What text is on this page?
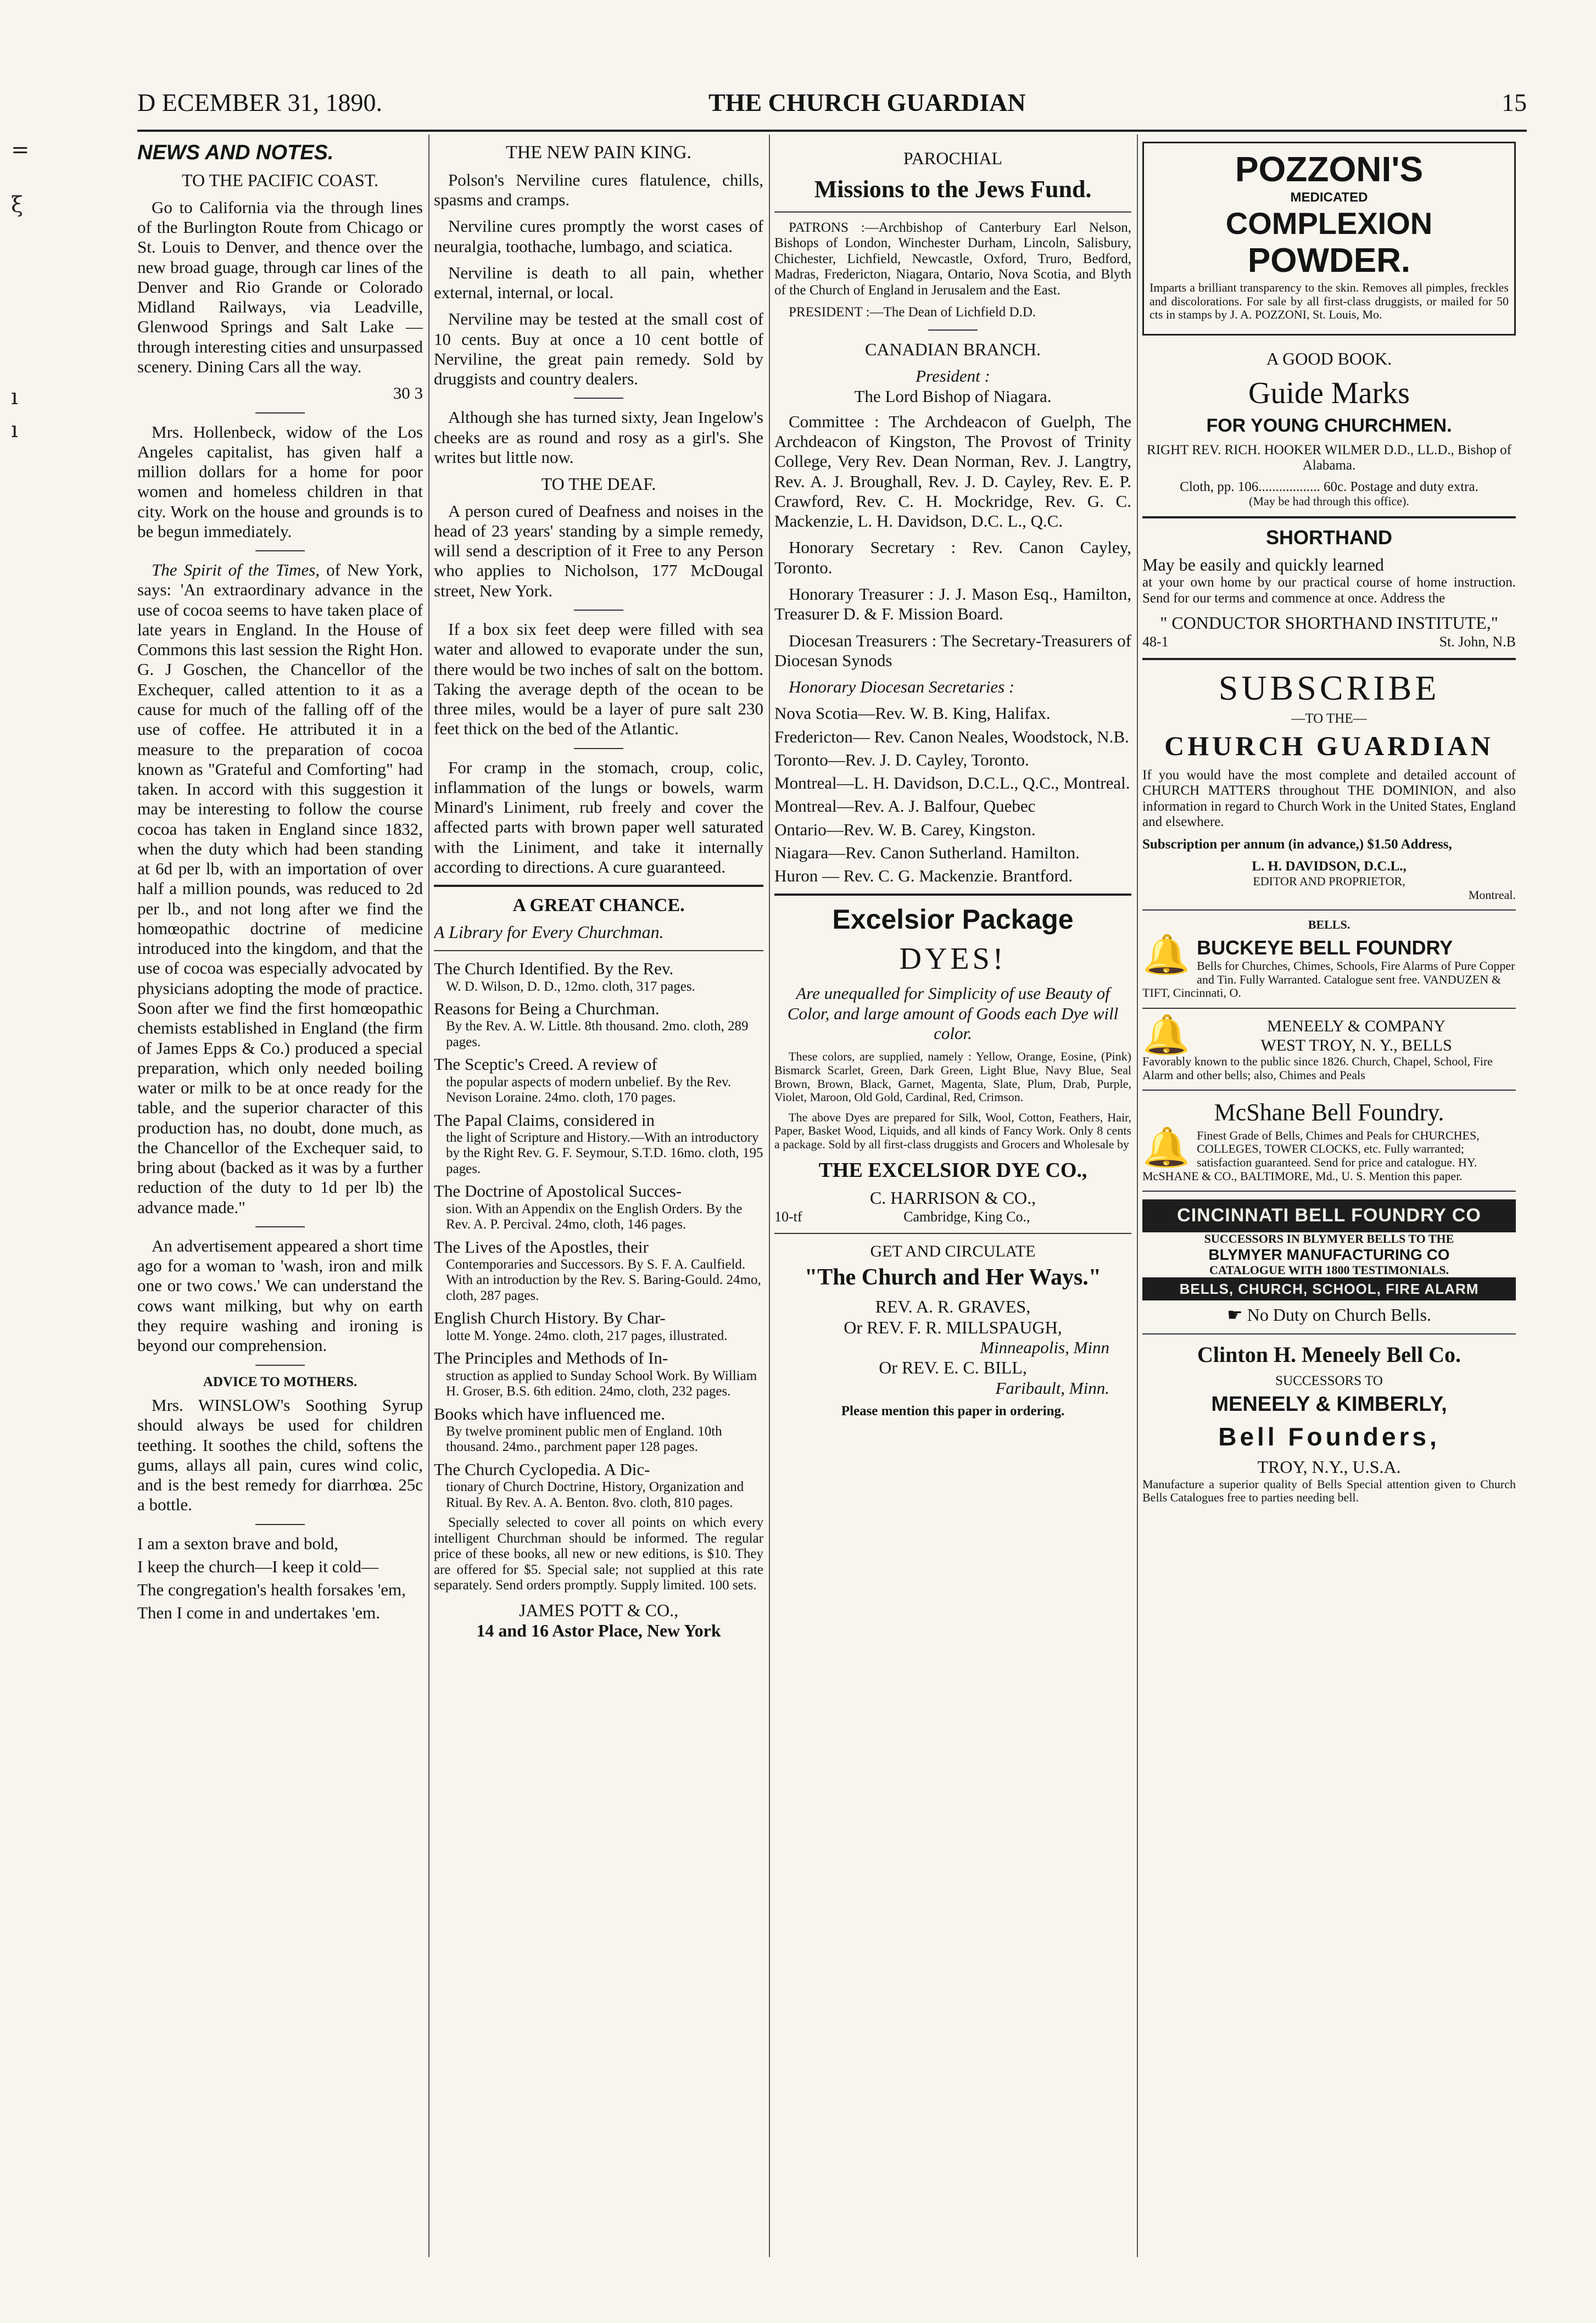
=
ξ
ı
ı
D ECEMBER 31, 1890.	THE CHURCH GUARDIAN	15
NEWS AND NOTES.
TO THE PACIFIC COAST.

Go to California via the through lines of the Burlington Route from Chicago or St. Louis to Denver, and thence over the new broad guage, through car lines of the Denver and Rio Grande or Colorado Midland Railways, via Leadville, Glenwood Springs and Salt Lake —through interesting cities and unsurpassed scenery. Dining Cars all the way.

30 3

Mrs. Hollenbeck, widow of the Los Angeles capitalist, has given half a million dollars for a home for poor women and homeless children in that city. Work on the house and grounds is to be begun immediately.

The Spirit of the Times, of New York, says: 'An extraordinary advance in the use of cocoa seems to have taken place of late years in England. In the House of Commons this last session the Right Hon. G. J Goschen, the Chancellor of the Exchequer, called attention to it as a cause for much of the falling off of the use of coffee. He attributed it in a measure to the preparation of cocoa known as "Grateful and Comforting" had taken. In accord with this suggestion it may be interesting to follow the course cocoa has taken in England since 1832, when the duty which had been standing at 6d per lb, with an importation of over half a million pounds, was reduced to 2d per lb., and not long after we find the homœopathic doctrine of medicine introduced into the kingdom, and that the use of cocoa was especially advocated by physicians adopting the mode of practice. Soon after we find the first homœopathic chemists established in England (the firm of James Epps & Co.) produced a special preparation, which only needed boiling water or milk to be at once ready for the table, and the superior character of this production has, no doubt, done much, as the Chancellor of the Exchequer said, to bring about (backed as it was by a further reduction of the duty to 1d per lb) the advance made."

An advertisement appeared a short time ago for a woman to 'wash, iron and milk one or two cows.' We can understand the cows want milking, but why on earth they require washing and ironing is beyond our comprehension.

ADVICE TO MOTHERS.

Mrs. WINSLOW's Soothing Syrup should always be used for children teething. It soothes the child, softens the gums, allays all pain, cures wind colic, and is the best remedy for diarrhœa. 25c a bottle.

I am a sexton brave and bold,
I keep the church—I keep it cold—
The congregation's health forsakes 'em,
Then I come in and undertakes 'em.
THE NEW PAIN KING.

Polson's Nerviline cures flatulence, chills, spasms and cramps.

Nerviline cures promptly the worst cases of neuralgia, toothache, lumbago, and sciatica.

Nerviline is death to all pain, whether external, internal, or local.

Nerviline may be tested at the small cost of 10 cents. Buy at once a 10 cent bottle of Nerviline, the great pain remedy. Sold by druggists and country dealers.

Although she has turned sixty, Jean Ingelow's cheeks are as round and rosy as a girl's. She writes but little now.

TO THE DEAF.

A person cured of Deafness and noises in the head of 23 years' standing by a simple remedy, will send a description of it Free to any Person who applies to Nicholson, 177 McDougal street, New York.

If a box six feet deep were filled with sea water and allowed to evaporate under the sun, there would be two inches of salt on the bottom. Taking the average depth of the ocean to be three miles, would be a layer of pure salt 230 feet thick on the bed of the Atlantic.

For cramp in the stomach, croup, colic, inflammation of the lungs or bowels, warm Minard's Liniment, rub freely and cover the affected parts with brown paper well saturated with the Liniment, and take it internally according to directions. A cure guaranteed.

A GREAT CHANCE.
A Library for Every Churchman.
The Church Identified. By the Rev.
W. D. Wilson, D. D., 12mo. cloth, 317 pages.
Reasons for Being a Churchman.
By the Rev. A. W. Little. 8th thousand. 2mo. cloth, 289 pages.
The Sceptic's Creed. A review of
the popular aspects of modern unbelief. By the Rev. Nevison Loraine. 24mo. cloth, 170 pages.
The Papal Claims, considered in
the light of Scripture and History.—With an introductory by the Right Rev. G. F. Seymour, S.T.D. 16mo. cloth, 195 pages.
The Doctrine of Apostolical Succes-
sion. With an Appendix on the English Orders. By the Rev. A. P. Percival. 24mo, cloth, 146 pages.
The Lives of the Apostles, their
Contemporaries and Successors. By S. F. A. Caulfield. With an introduction by the Rev. S. Baring-Gould. 24mo, cloth, 287 pages.
English Church History. By Char-
lotte M. Yonge. 24mo. cloth, 217 pages, illustrated.
The Principles and Methods of In-
struction as applied to Sunday School Work. By William H. Groser, B.S. 6th edition. 24mo, cloth, 232 pages.
Books which have influenced me.
By twelve prominent public men of England. 10th thousand. 24mo., parchment paper 128 pages.
The Church Cyclopedia. A Dic-
tionary of Church Doctrine, History, Organization and Ritual. By Rev. A. A. Benton. 8vo. cloth, 810 pages.

Specially selected to cover all points on which every intelligent Churchman should be informed. The regular price of these books, all new or new editions, is $10. They are offered for $5. Special sale; not supplied at this rate separately. Send orders promptly. Supply limited. 100 sets.

JAMES POTT & CO.,
14 and 16 Astor Place, New York
PAROCHIAL
Missions to the Jews Fund.

PATRONS :—Archbishop of Canterbury Earl Nelson, Bishops of London, Winchester Durham, Lincoln, Salisbury, Chichester, Lichfield, Newcastle, Oxford, Truro, Bedford, Madras, Fredericton, Niagara, Ontario, Nova Scotia, and Blyth of the Church of England in Jerusalem and the East.

PRESIDENT :—The Dean of Lichfield D.D.

CANADIAN BRANCH.
President :
The Lord Bishop of Niagara.

Committee : The Archdeacon of Guelph, The Archdeacon of Kingston, The Provost of Trinity College, Very Rev. Dean Norman, Rev. J. Langtry, Rev. A. J. Broughall, Rev. J. D. Cayley, Rev. E. P. Crawford, Rev. C. H. Mockridge, Rev. G. C. Mackenzie, L. H. Davidson, D.C. L., Q.C.

Honorary Secretary : Rev. Canon Cayley, Toronto.

Honorary Treasurer : J. J. Mason Esq., Hamilton, Treasurer D. & F. Mission Board.

Diocesan Treasurers : The Secretary-Treasurers of Diocesan Synods

Honorary Diocesan Secretaries :

Nova Scotia—Rev. W. B. King, Halifax.
Fredericton— Rev. Canon Neales, Woodstock, N.B.
Toronto—Rev. J. D. Cayley, Toronto.
Montreal—L. H. Davidson, D.C.L., Q.C., Montreal.
Montreal—Rev. A. J. Balfour, Quebec
Ontario—Rev. W. B. Carey, Kingston.
Niagara—Rev. Canon Sutherland. Hamilton.
Huron — Rev. C. G. Mackenzie. Brantford.
Excelsior Package
DYES!

Are unequalled for Simplicity of use Beauty of Color, and large amount of Goods each Dye will color.

These colors, are supplied, namely : Yellow, Orange, Eosine, (Pink) Bismarck Scarlet, Green, Dark Green, Light Blue, Navy Blue, Seal Brown, Brown, Black, Garnet, Magenta, Slate, Plum, Drab, Purple, Violet, Maroon, Old Gold, Cardinal, Red, Crimson.

The above Dyes are prepared for Silk, Wool, Cotton, Feathers, Hair, Paper, Basket Wood, Liquids, and all kinds of Fancy Work. Only 8 cents a package. Sold by all first-class druggists and Grocers and Wholesale by

THE EXCELSIOR DYE CO.,
C. HARRISON & CO.,
10-tf	Cambridge, King Co.,
GET AND CIRCULATE
"The Church and Her Ways."
REV. A. R. GRAVES,
Or REV. F. R. MILLSPAUGH,
Minneapolis, Minn
Or REV. E. C. BILL,
Faribault, Minn.
Please mention this paper in ordering.
POZZONI'S
MEDICATED
COMPLEXION
POWDER.

Imparts a brilliant transparency to the skin. Removes all pimples, freckles and discolorations. For sale by all first-class druggists, or mailed for 50 cts in stamps by J. A. POZZONI, St. Louis, Mo.

A GOOD BOOK.
Guide Marks
FOR YOUNG CHURCHMEN.
RIGHT REV. RICH. HOOKER WILMER D.D., LL.D., Bishop of Alabama.
Cloth, pp. 106.................. 60c. Postage and duty extra.
(May be had through this office).
SHORTHAND
May be easily and quickly learned

at your own home by our practical course of home instruction. Send for our terms and commence at once. Address the

" CONDUCTOR SHORTHAND INSTITUTE,"
48-1	St. John, N.B
SUBSCRIBE
—TO THE—
CHURCH GUARDIAN

If you would have the most complete and detailed account of CHURCH MATTERS throughout THE DOMINION, and also information in regard to Church Work in the United States, England and elsewhere.

Subscription per annum (in advance,) $1.50 Address,

L. H. DAVIDSON, D.C.L.,
EDITOR AND PROPRIETOR,
Montreal.
BELLS.
🔔 BUCKEYE BELL FOUNDRY
Bells for Churches, Chimes, Schools, Fire Alarms of Pure Copper and Tin. Fully Warranted. Catalogue sent free. VANDUZEN & TIFT, Cincinnati, O.
🔔	MENEELY & COMPANY
WEST TROY, N. Y., BELLS
Favorably known to the public since 1826. Church, Chapel, School, Fire Alarm and other bells; also, Chimes and Peals
McShane Bell Foundry.
🔔 Finest Grade of Bells, Chimes and Peals for CHURCHES, COLLEGES, TOWER CLOCKS, etc. Fully warranted; satisfaction guaranteed. Send for price and catalogue. HY. McSHANE & CO., BALTIMORE, Md., U. S. Mention this paper.
CINCINNATI BELL FOUNDRY CO
SUCCESSORS IN BLYMYER BELLS TO THE
BLYMYER MANUFACTURING CO
CATALOGUE WITH 1800 TESTIMONIALS.
BELLS, CHURCH, SCHOOL, FIRE ALARM
☛ No Duty on Church Bells.
Clinton H. Meneely Bell Co.
SUCCESSORS TO
MENEELY & KIMBERLY,
Bell Founders,
TROY, N.Y., U.S.A.

Manufacture a superior quality of Bells Special attention given to Church Bells Catalogues free to parties needing bell.
